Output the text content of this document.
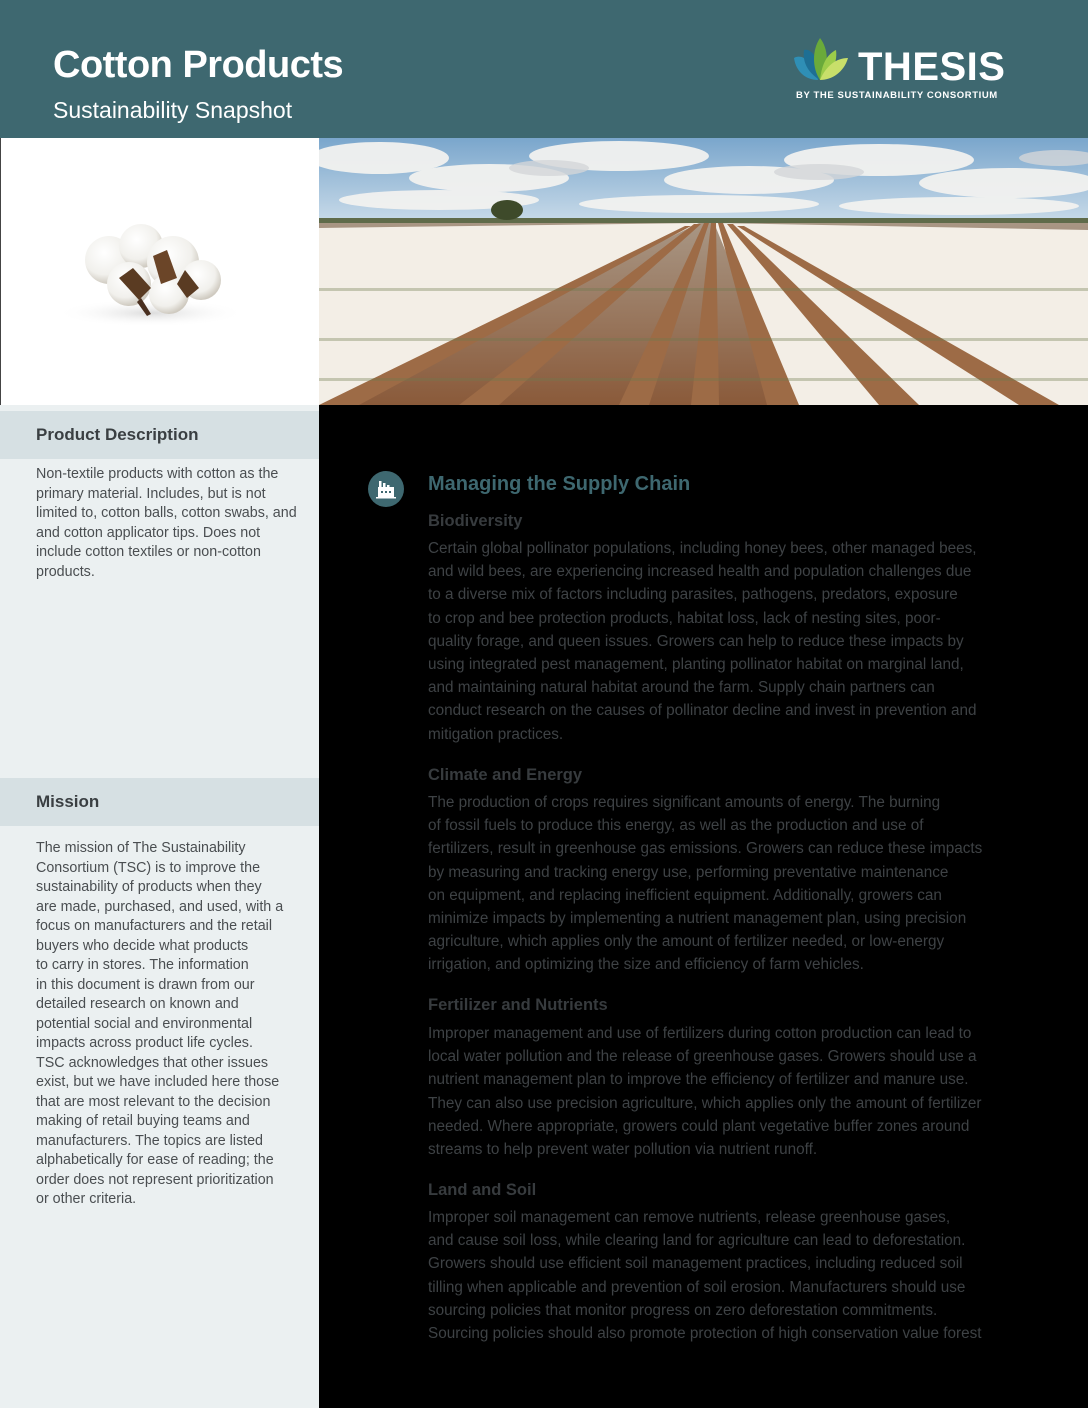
Cotton Products

Sustainability Snapshot

THESIS
BY THE SUSTAINABILITY CONSORTIUM
Product Description

Non-textile products with cotton as the
primary material. Includes, but is not
limited to, cotton balls, cotton swabs, and
and cotton applicator tips. Does not
include cotton textiles or non-cotton
products.

Mission

The mission of The Sustainability
Consortium (TSC) is to improve the
sustainability of products when they
are made, purchased, and used, with a
focus on manufacturers and the retail
buyers who decide what products
to carry in stores. The information
in this document is drawn from our
detailed research on known and
potential social and environmental
impacts across product life cycles.
TSC acknowledges that other issues
exist, but we have included here those
that are most relevant to the decision
making of retail buying teams and
manufacturers. The topics are listed
alphabetically for ease of reading; the
order does not represent prioritization
or other criteria.

Managing the Supply Chain
Biodiversity

Certain global pollinator populations, including honey bees, other managed bees,
and wild bees, are experiencing increased health and population challenges due
to a diverse mix of factors including parasites, pathogens, predators, exposure
to crop and bee protection products, habitat loss, lack of nesting sites, poor-
quality forage, and queen issues. Growers can help to reduce these impacts by
using integrated pest management, planting pollinator habitat on marginal land,
and maintaining natural habitat around the farm. Supply chain partners can
conduct research on the causes of pollinator decline and invest in prevention and
mitigation practices.

Climate and Energy

The production of crops requires significant amounts of energy. The burning
of fossil fuels to produce this energy, as well as the production and use of
fertilizers, result in greenhouse gas emissions. Growers can reduce these impacts
by measuring and tracking energy use, performing preventative maintenance
on equipment, and replacing inefficient equipment. Additionally, growers can
minimize impacts by implementing a nutrient management plan, using precision
agriculture, which applies only the amount of fertilizer needed, or low-energy
irrigation, and optimizing the size and efficiency of farm vehicles.

Fertilizer and Nutrients

Improper management and use of fertilizers during cotton production can lead to
local water pollution and the release of greenhouse gases. Growers should use a
nutrient management plan to improve the efficiency of fertilizer and manure use.
They can also use precision agriculture, which applies only the amount of fertilizer
needed. Where appropriate, growers could plant vegetative buffer zones around
streams to help prevent water pollution via nutrient runoff.

Land and Soil

Improper soil management can remove nutrients, release greenhouse gases,
and cause soil loss, while clearing land for agriculture can lead to deforestation.
Growers should use efficient soil management practices, including reduced soil
tilling when applicable and prevention of soil erosion. Manufacturers should use
sourcing policies that monitor progress on zero deforestation commitments.
Sourcing policies should also promote protection of high conservation value forest
